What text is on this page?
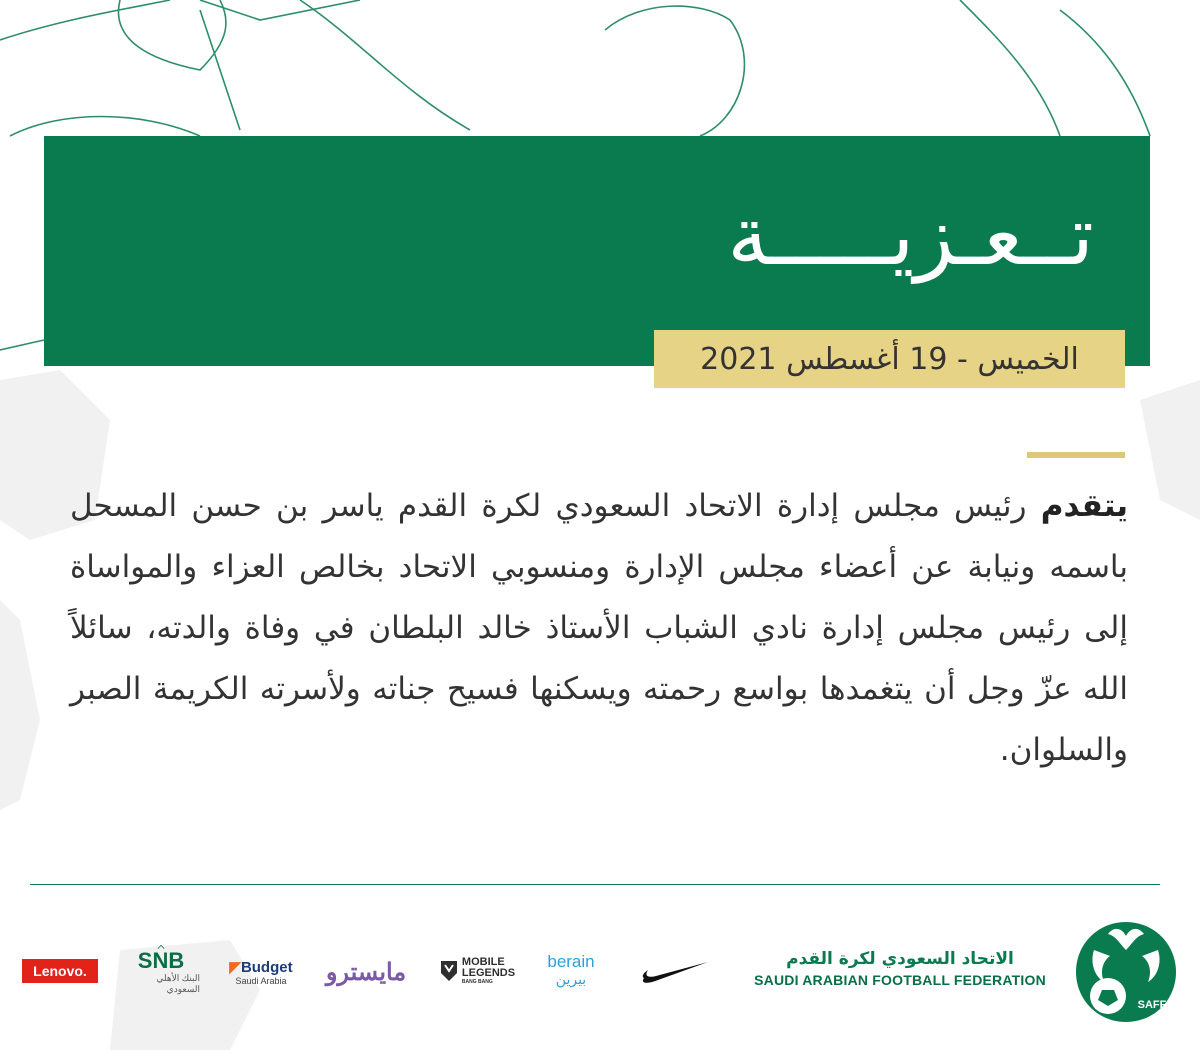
تــعـزيـــــة
الخميس - 19 أغسطس 2021
يتقدم رئيس مجلس إدارة الاتحاد السعودي لكرة القدم ياسر بن حسن المسحل باسمه ونيابة عن أعضاء مجلس الإدارة ومنسوبي الاتحاد بخالص العزاء والمواساة إلى رئيس مجلس إدارة نادي الشباب الأستاذ خالد البلطان في وفاة والدته، سائلاً الله عزّ وجل أن يتغمدها بواسع رحمته ويسكنها فسيح جناته ولأسرته الكريمة الصبر والسلوان.
Lenovo. SNB
البنك الأهلي السعودي
◤Budget
Saudi Arabia مايسترو	MOBILE
LEGENDS
BANG BANG
berain
بيرين
الاتحاد السعودي لكرة القدم
SAUDI ARABIAN FOOTBALL FEDERATION
SAFF
